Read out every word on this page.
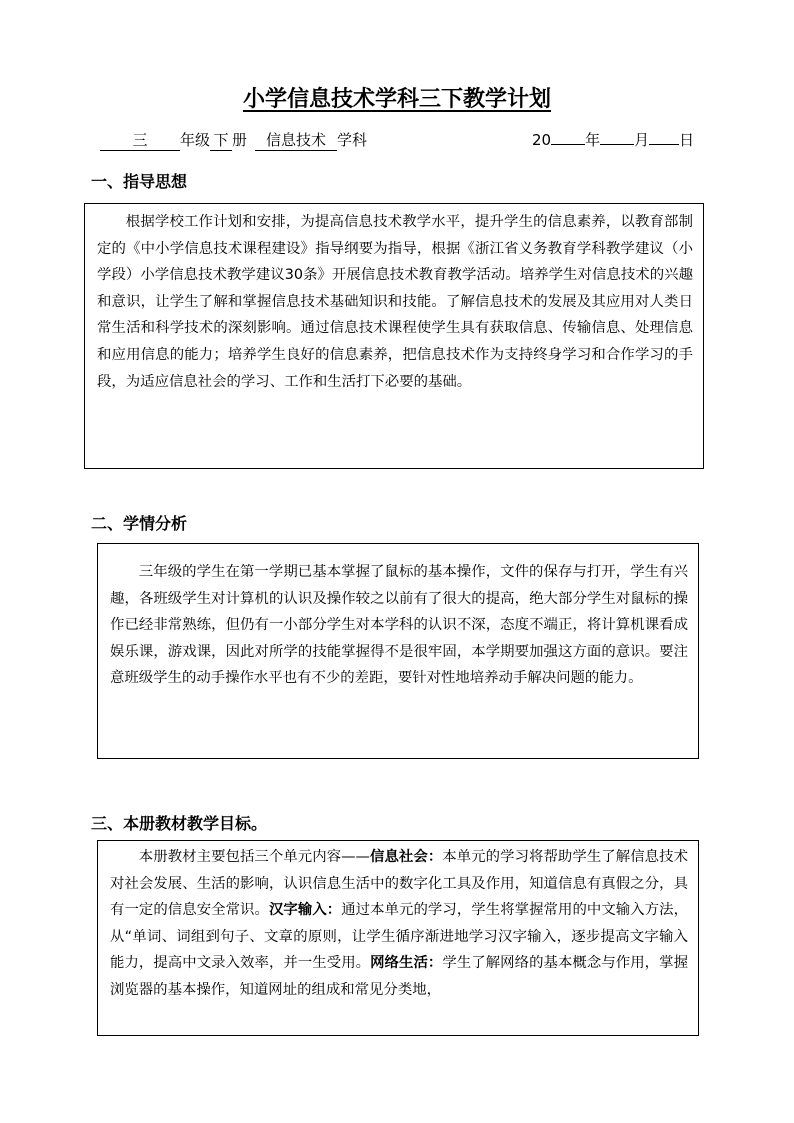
小学信息技术学科三下教学计划
三 年级 下 册 信息技术 学科	20 年 月 日
一、指导思想

根据学校工作计划和安排，为提高信息技术教学水平，提升学生的信息素养，以教育部制定的《中小学信息技术课程建设》指导纲要为指导，根据《浙江省义务教育学科教学建议（小学段）小学信息技术教学建议30条》开展信息技术教育教学活动。培养学生对信息技术的兴趣和意识，让学生了解和掌握信息技术基础知识和技能。了解信息技术的发展及其应用对人类日常生活和科学技术的深刻影响。通过信息技术课程使学生具有获取信息、传输信息、处理信息和应用信息的能力；培养学生良好的信息素养，把信息技术作为支持终身学习和合作学习的手段，为适应信息社会的学习、工作和生活打下必要的基础。

二、学情分析

三年级的学生在第一学期已基本掌握了鼠标的基本操作，文件的保存与打开，学生有兴趣，各班级学生对计算机的认识及操作较之以前有了很大的提高，绝大部分学生对鼠标的操作已经非常熟练，但仍有一小部分学生对本学科的认识不深，态度不端正，将计算机课看成娱乐课，游戏课，因此对所学的技能掌握得不是很牢固，本学期要加强这方面的意识。要注意班级学生的动手操作水平也有不少的差距，要针对性地培养动手解决问题的能力。

三、本册教材教学目标。

本册教材主要包括三个单元内容——信息社会：本单元的学习将帮助学生了解信息技术对社会发展、生活的影响，认识信息生活中的数字化工具及作用，知道信息有真假之分，具有一定的信息安全常识。汉字输入：通过本单元的学习，学生将掌握常用的中文输入方法，从“单词、词组到句子、文章的原则，让学生循序渐进地学习汉字输入，逐步提高文字输入能力，提高中文录入效率，并一生受用。网络生活：学生了解网络的基本概念与作用，掌握浏览器的基本操作，知道网址的组成和常见分类地，
